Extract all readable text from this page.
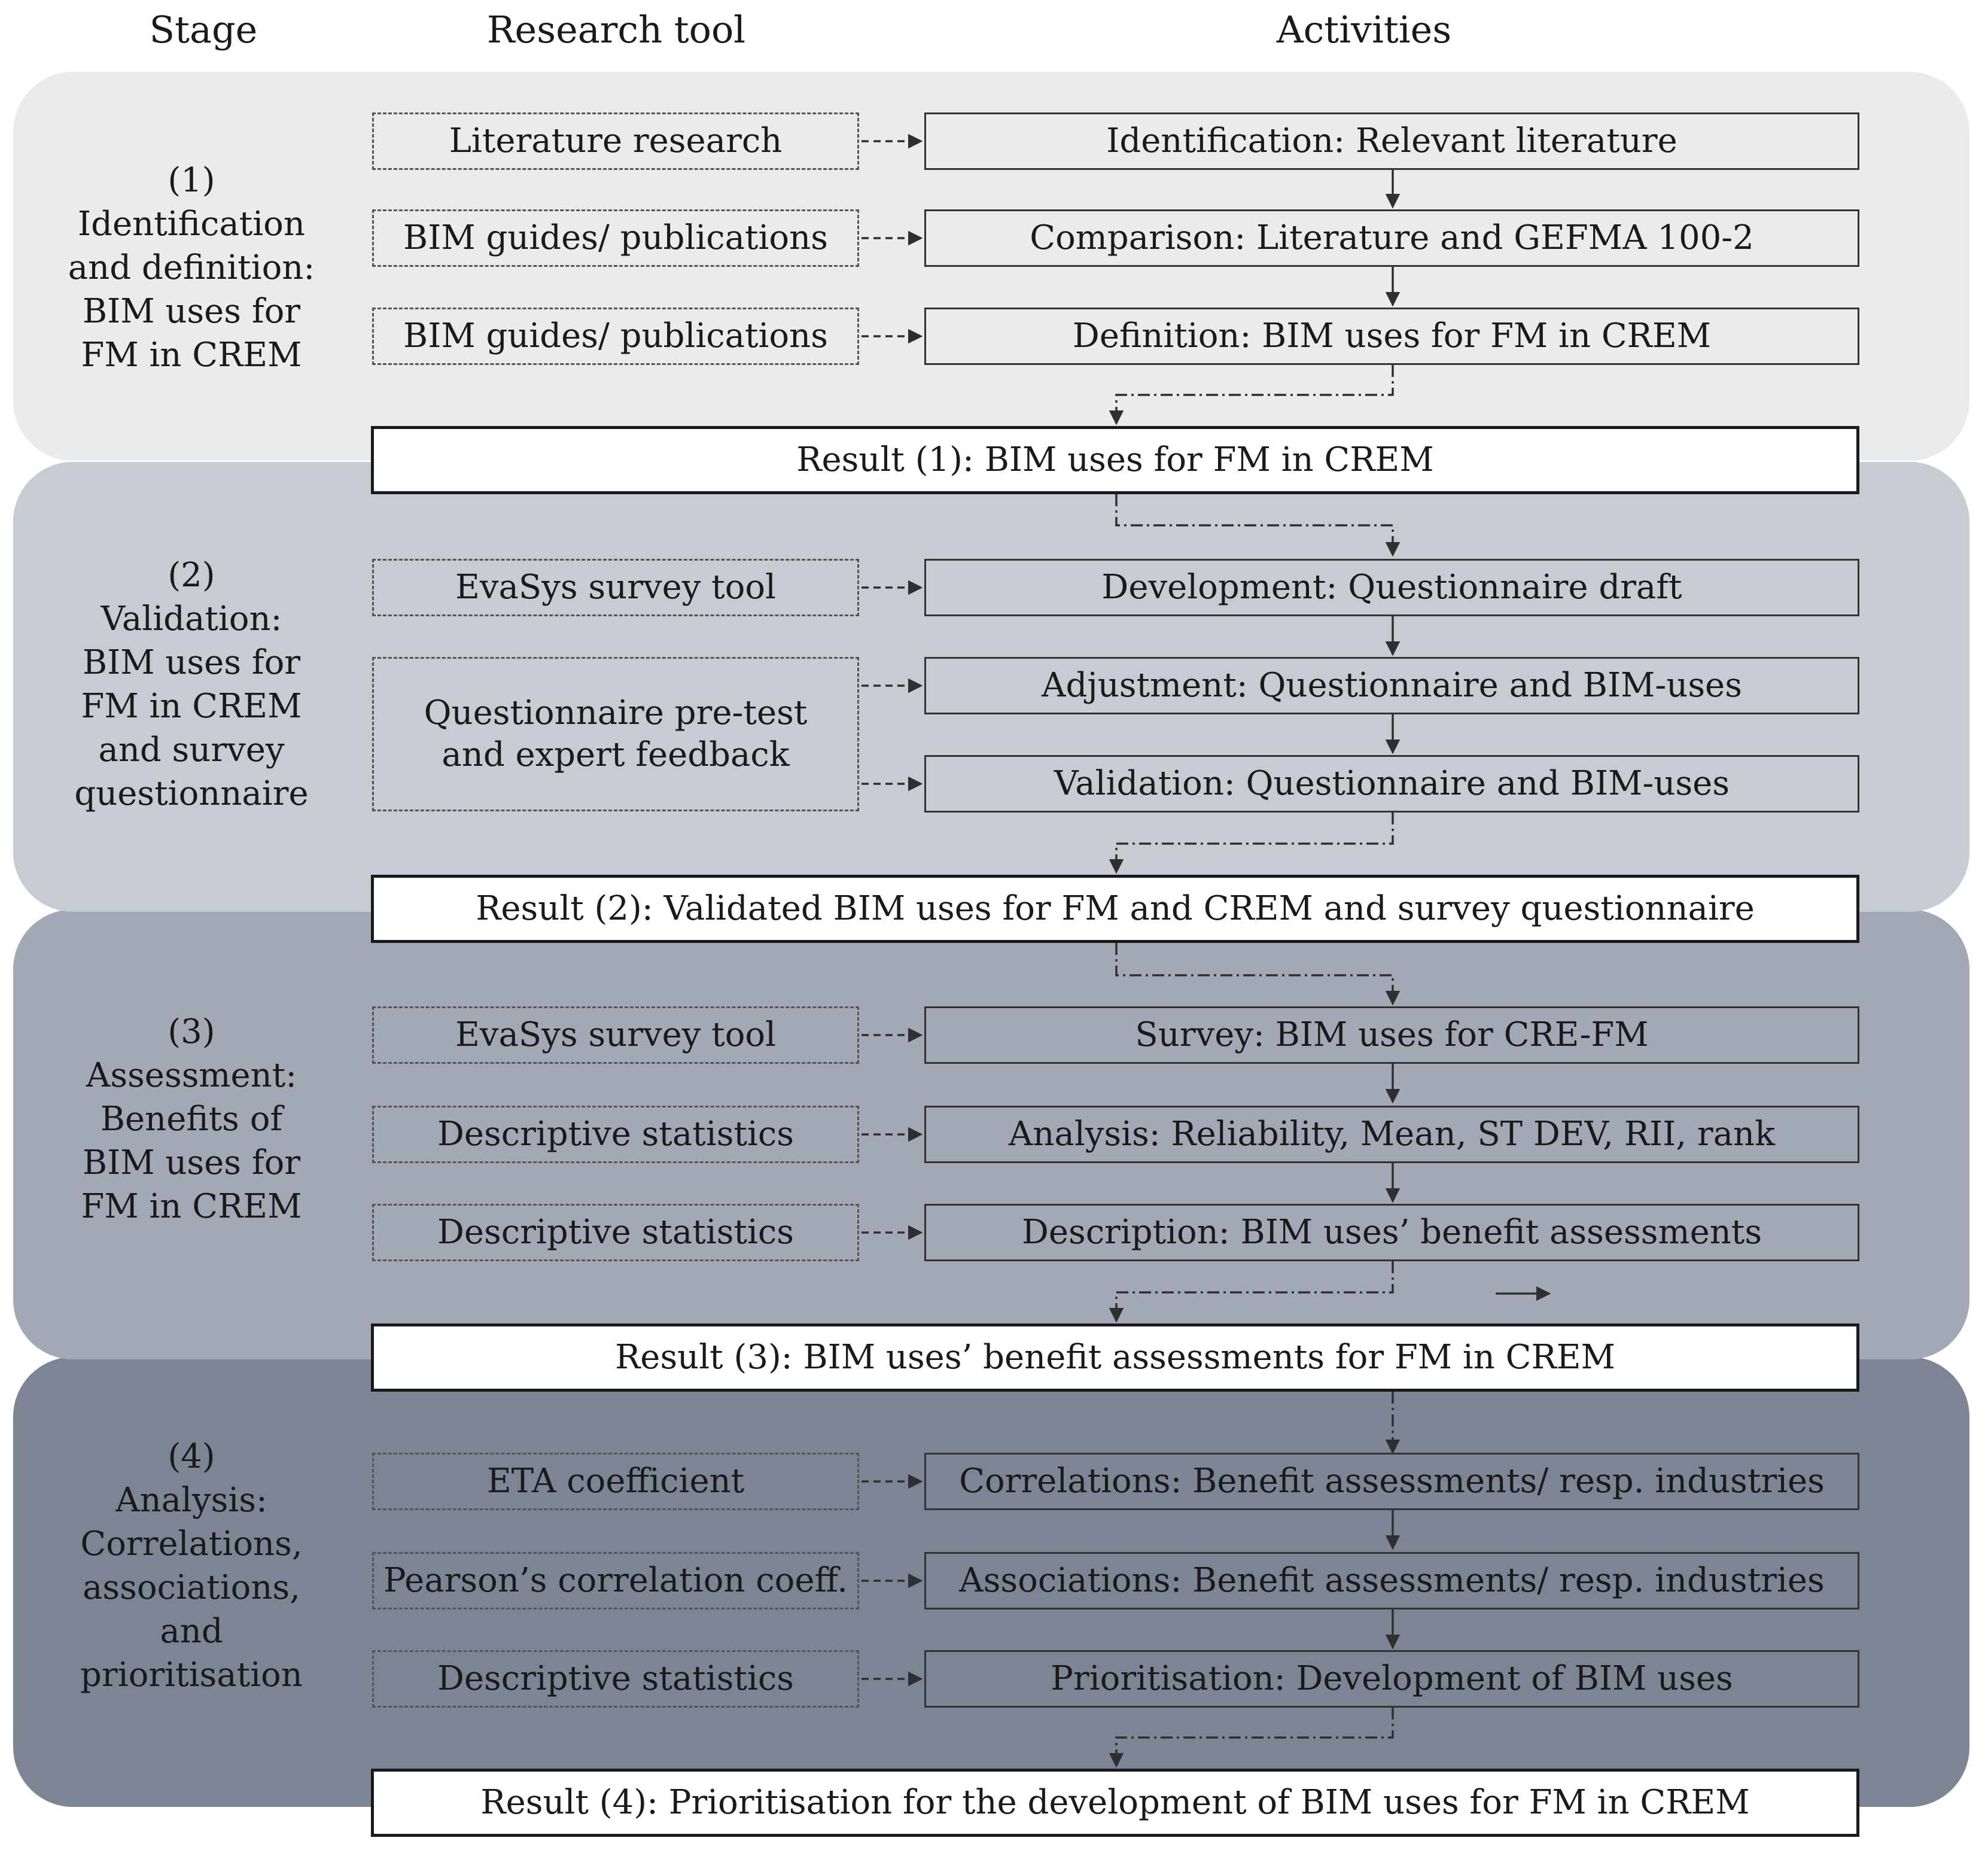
Stage	Research tool	Activities
(1)
Identification
and definition:
BIM uses for
FM in CREM
Literature research
BIM guides/ publications
BIM guides/ publications
Identification: Relevant literature
Comparison: Literature and GEFMA 100-2
Definition: BIM uses for FM in CREM
Result (1): BIM uses for FM in CREM
(2)
Validation:
BIM uses for
FM in CREM
and survey
questionnaire
EvaSys survey tool
Questionnaire pre-test
and expert feedback
Development: Questionnaire draft
Adjustment: Questionnaire and BIM-uses
Validation: Questionnaire and BIM-uses
Result (2): Validated BIM uses for FM and CREM and survey questionnaire
(3)
Assessment:
Benefits of
BIM uses for
FM in CREM
EvaSys survey tool
Descriptive statistics
Descriptive statistics
Survey: BIM uses for CRE-FM
Analysis: Reliability, Mean, ST DEV, RII, rank
Description: BIM uses’ benefit assessments
Result (3): BIM uses’ benefit assessments for FM in CREM
(4)
Analysis:
Correlations,
associations,
and
prioritisation
ETA coefficient
Pearson’s correlation coeff.
Descriptive statistics
Correlations: Benefit assessments/ resp. industries
Associations: Benefit assessments/ resp. industries
Prioritisation: Development of BIM uses
Result (4): Prioritisation for the development of BIM uses for FM in CREM
